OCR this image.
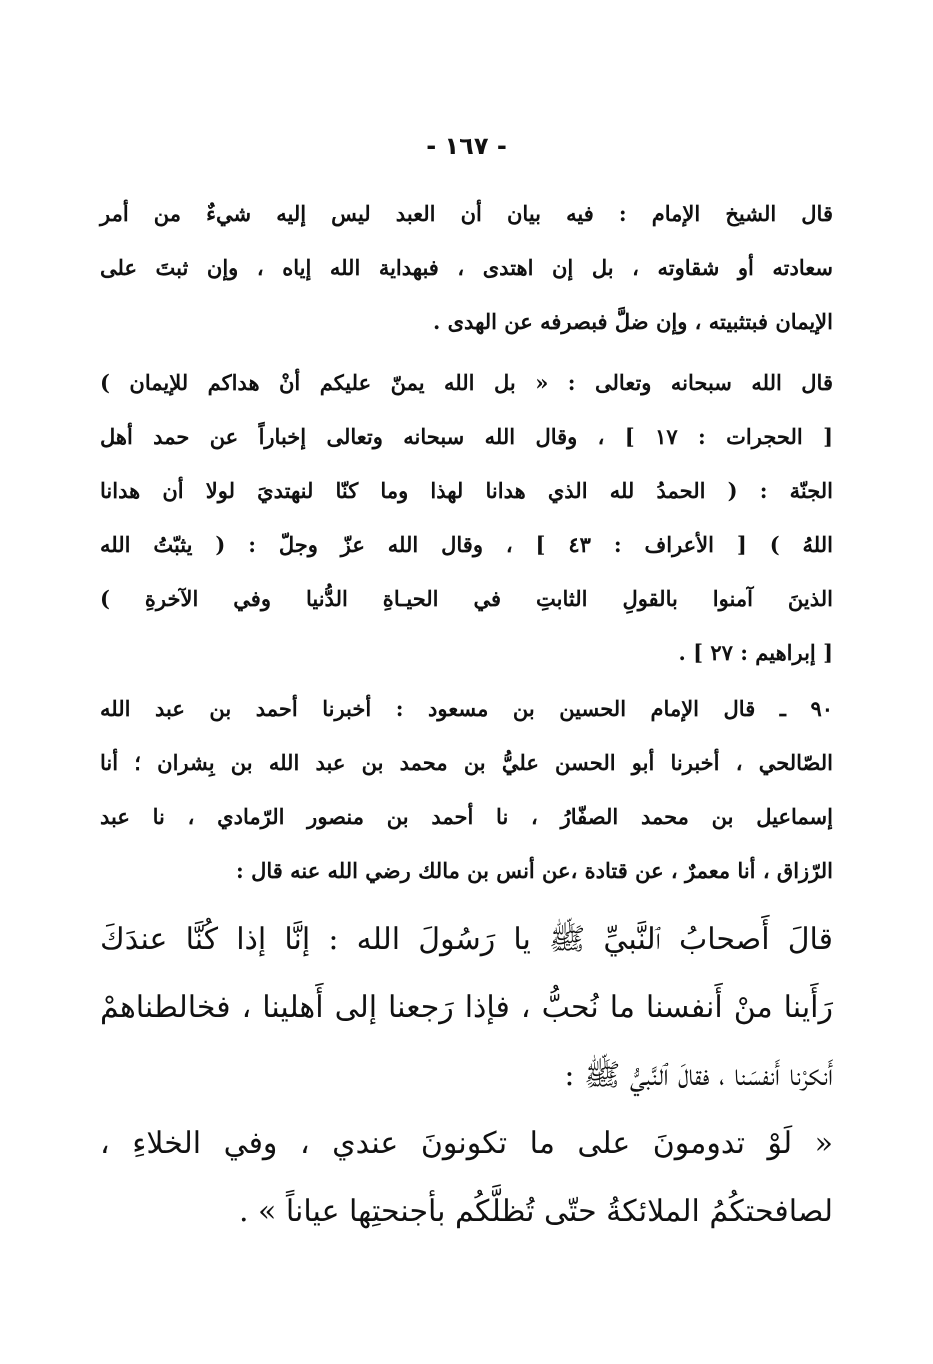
- ١٦٧ -
قال الشيخ الإمام : فيه بيان أن العبد ليس إليه شيءٌ من أمر
سعادته أو شقاوته ، بل إن اهتدى ، فبهداية الله إياه ، وإن ثبتَ على
الإيمان فبتثبيته ، وإن ضلَّ فبصرفه عن الهدى .
قال الله سبحانه وتعالى : « بل الله يمنّ عليكم أنْ هداكم للإيمان )
[ الحجرات : ١٧ ] ، وقال الله سبحانه وتعالى إخباراً عن حمد أهل
الجنّة : ( الحمدُ لله الذي هدانا لهذا وما كنّا لنهتديَ لولا أن هدانا
اللهُ ) [ الأعراف : ٤٣ ] ، وقال الله عزّ وجلّ : ( يثبّتُ الله
الذينَ آمنوا بالقولِ الثابتِ في الحيـاةِ الدُّنيا وفي الآخرةِ )
[ إبراهيم : ٢٧ ] .
٩٠ ـ قال الإمام الحسين بن مسعود : أخبرنا أحمد بن عبد الله
الصّالحي ، أخبرنا أبو الحسن عليُّ بن محمد بن عبد الله بن بِشران ؛ أنا
إسماعيل بن محمد الصفّارُ ، نا أحمد بن منصور الرّمادي ، نا عبد
الرّزاق ، أنا معمرٌ ، عن قتادة ،عن أنس بن مالك رضي الله عنه قال :
قالَ أَصحابُ ٱلنَّبيِّ ﷺ يا رَسُولَ الله : إنَّا إذا كُنَّا عندَكَ
رَأَينا منْ أَنفسنا ما نُحبُّ ، فإذا رَجعنا إلى أَهلينا ، فخالطناهمْ
أَنكرْنا أَنفسَنا ، فقالَ ٱلنَّبيُّ ﷺ :
« لَوْ تدومونَ على ما تكونونَ عندي ، وفي الخلاءِ ،
لصافحتكُمُ الملائكةُ حتّى تُظلَّكُم بأجنحتِها عياناً » .
